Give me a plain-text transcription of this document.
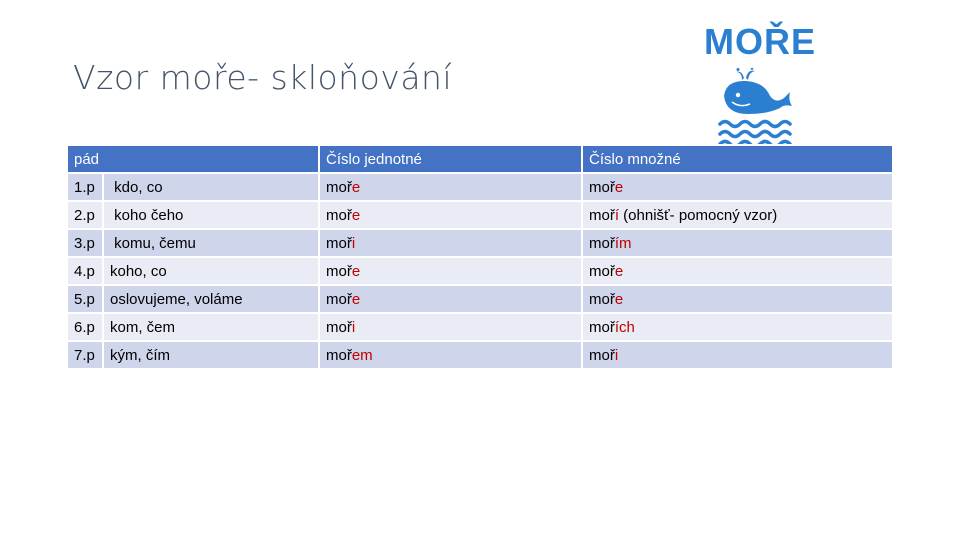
Vzor moře- skloňování
MOŘE
pád		Číslo jednotné	Číslo množné
1.p	kdo, co	moře	moře
2.p	koho čeho	moře	moří (ohnišť- pomocný vzor)
3.p	komu, čemu	moři	mořím
4.p	koho, co	moře	moře
5.p	oslovujeme, voláme	moře	moře
6.p	kom, čem	moři	mořích
7.p	kým, čím	mořem	moři
